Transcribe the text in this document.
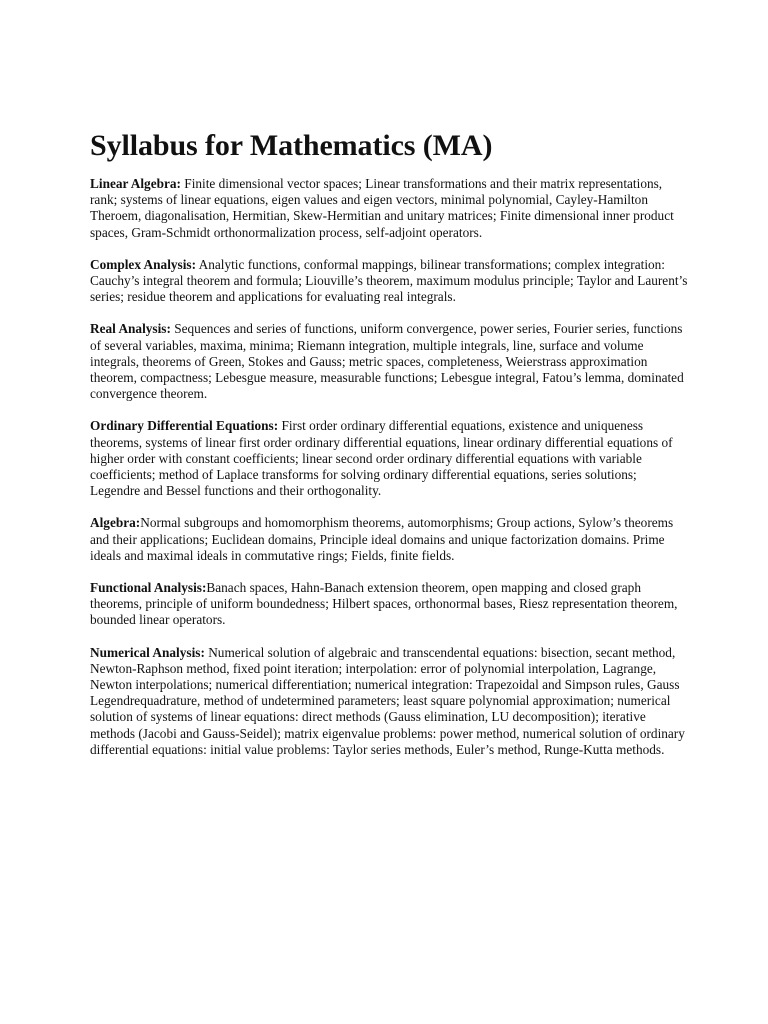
Syllabus for Mathematics (MA)

Linear Algebra: Finite dimensional vector spaces; Linear transformations and their matrix representations, rank; systems of linear equations, eigen values and eigen vectors, minimal polynomial, Cayley-Hamilton Theroem, diagonalisation, Hermitian, Skew-Hermitian and unitary matrices; Finite dimensional inner product spaces, Gram-Schmidt orthonormalization process, self-adjoint operators.

Complex Analysis: Analytic functions, conformal mappings, bilinear transformations; complex integration: Cauchy’s integral theorem and formula; Liouville’s theorem, maximum modulus principle; Taylor and Laurent’s series; residue theorem and applications for evaluating real integrals.

Real Analysis: Sequences and series of functions, uniform convergence, power series, Fourier series, functions of several variables, maxima, minima; Riemann integration, multiple integrals, line, surface and volume integrals, theorems of Green, Stokes and Gauss; metric spaces, completeness, Weierstrass approximation theorem, compactness; Lebesgue measure, measurable functions; Lebesgue integral, Fatou’s lemma, dominated convergence theorem.

Ordinary Differential Equations: First order ordinary differential equations, existence and uniqueness theorems, systems of linear first order ordinary differential equations, linear ordinary differential equations of higher order with constant coefficients; linear second order ordinary differential equations with variable coefficients; method of Laplace transforms for solving ordinary differential equations, series solutions; Legendre and Bessel functions and their orthogonality.

Algebra:Normal subgroups and homomorphism theorems, automorphisms; Group actions, Sylow’s theorems and their applications; Euclidean domains, Principle ideal domains and unique factorization domains. Prime ideals and maximal ideals in commutative rings; Fields, finite fields.

Functional Analysis:Banach spaces, Hahn-Banach extension theorem, open mapping and closed graph theorems, principle of uniform boundedness; Hilbert spaces, orthonormal bases, Riesz representation theorem, bounded linear operators.

Numerical Analysis: Numerical solution of algebraic and transcendental equations: bisection, secant method, Newton-Raphson method, fixed point iteration; interpolation: error of polynomial interpolation, Lagrange, Newton interpolations; numerical differentiation; numerical integration: Trapezoidal and Simpson rules, Gauss Legendrequadrature, method of undetermined parameters; least square polynomial approximation; numerical solution of systems of linear equations: direct methods (Gauss elimination, LU decomposition); iterative methods (Jacobi and Gauss-Seidel); matrix eigenvalue problems: power method, numerical solution of ordinary differential equations: initial value problems: Taylor series methods, Euler’s method, Runge-Kutta methods.
